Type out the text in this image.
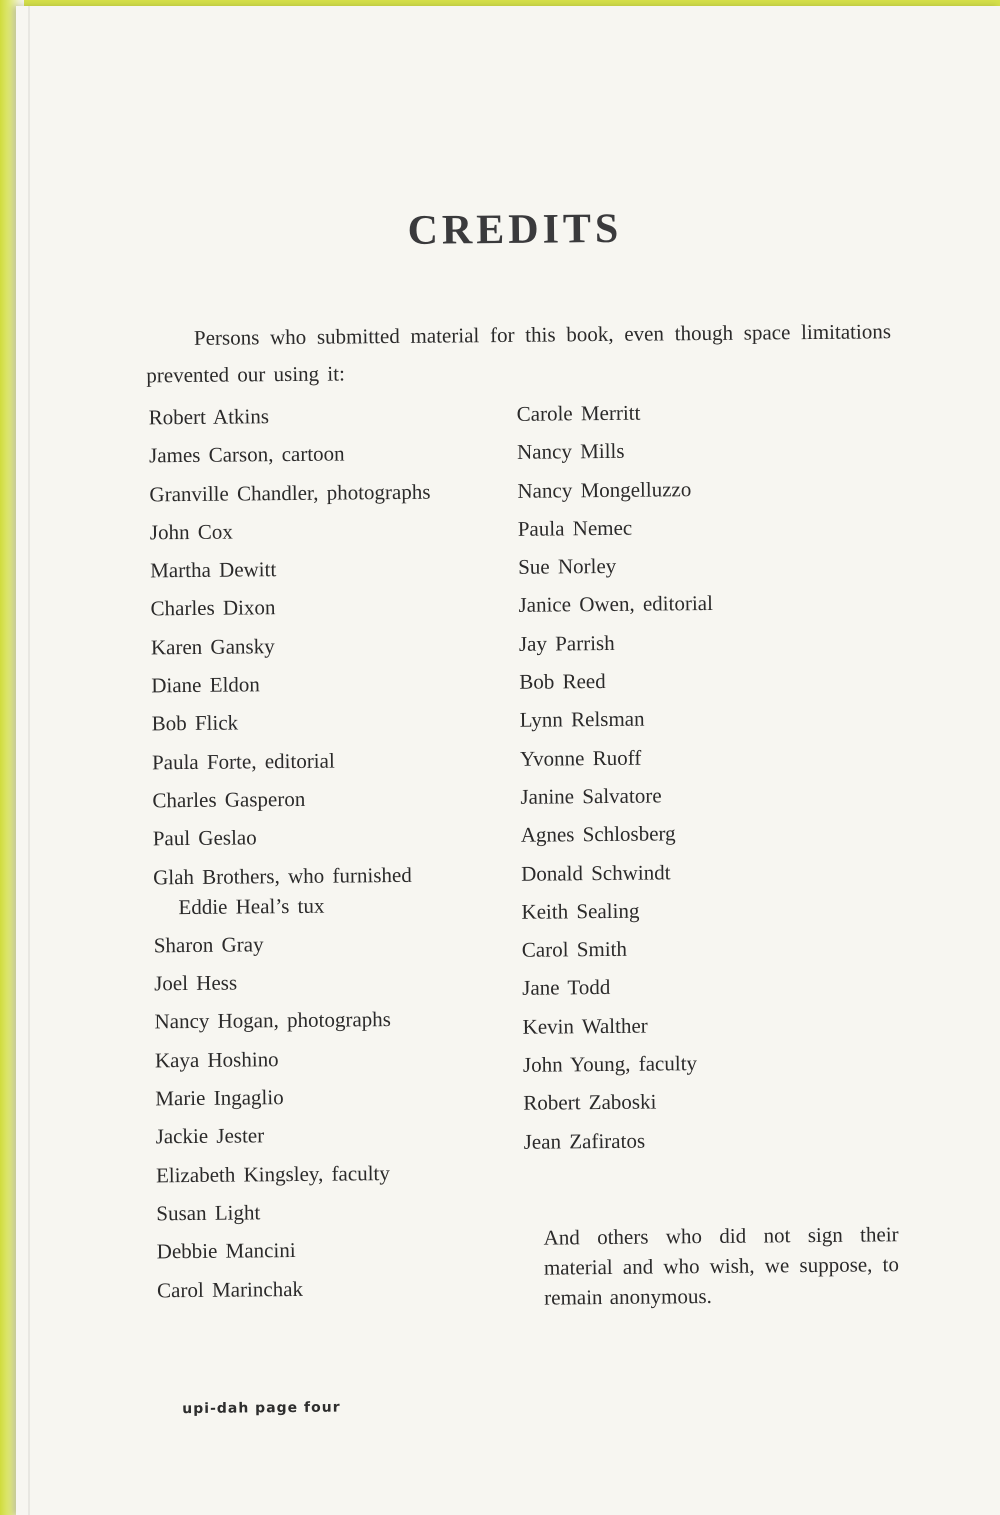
CREDITS

Persons who submitted material for this book, even though space limitations prevented our using it:

Robert Atkins
James Carson, cartoon
Granville Chandler, photographs
John Cox
Martha Dewitt
Charles Dixon
Karen Gansky
Diane Eldon
Bob Flick
Paula Forte, editorial
Charles Gasperon
Paul Geslao
Glah Brothers, who furnished
Eddie Heal’s tux
Sharon Gray
Joel Hess
Nancy Hogan, photographs
Kaya Hoshino
Marie Ingaglio
Jackie Jester
Elizabeth Kingsley, faculty
Susan Light
Debbie Mancini
Carol Marinchak
Carole Merritt
Nancy Mills
Nancy Mongelluzzo
Paula Nemec
Sue Norley
Janice Owen, editorial
Jay Parrish
Bob Reed
Lynn Relsman
Yvonne Ruoff
Janine Salvatore
Agnes Schlosberg
Donald Schwindt
Keith Sealing
Carol Smith
Jane Todd
Kevin Walther
John Young, faculty
Robert Zaboski
Jean Zafiratos

And others who did not sign their material and who wish, we suppose, to remain anonymous.

upi-dah page four
